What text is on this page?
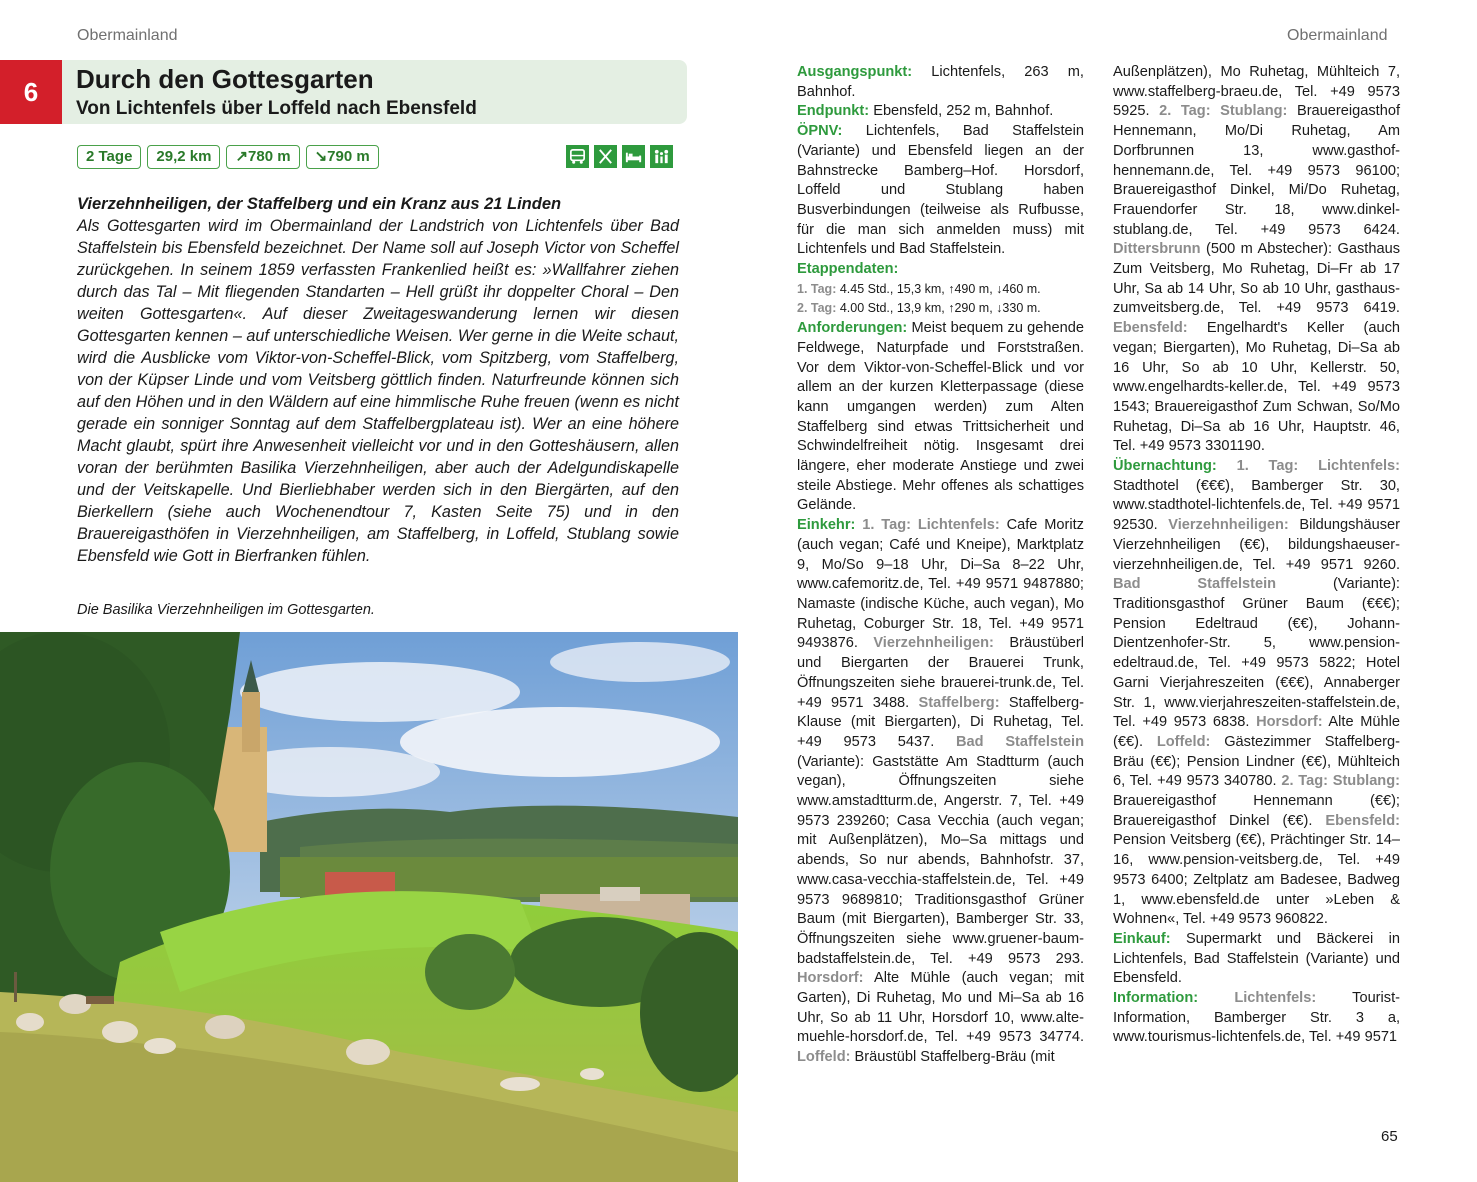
Obermainland	Obermainland
6	Durch den Gottesgarten
Von Lichtenfels über Loffeld nach Ebensfeld
2 Tage	29,2 km	↗780 m	↘790 m

Vierzehnheiligen, der Staffelberg und ein Kranz aus 21 Linden
Als Gottesgarten wird im Obermainland der Landstrich von Lichtenfels über Bad Staffelstein bis Ebensfeld bezeichnet. Der Name soll auf Joseph Victor von Scheffel zurückgehen. In seinem 1859 verfassten Frankenlied heißt es: »Wallfahrer ziehen durch das Tal – Mit fliegenden Standarten – Hell grüßt ihr doppelter Choral – Den weiten Gottesgarten«. Auf dieser Zweitageswanderung lernen wir diesen Gottesgarten kennen – auf unterschiedliche Weisen. Wer gerne in die Weite schaut, wird die Ausblicke vom Viktor-von-Scheffel-Blick, vom Spitzberg, vom Staffelberg, von der Küpser Linde und vom Veitsberg göttlich finden. Naturfreunde können sich auf den Höhen und in den Wäldern auf eine himmlische Ruhe freuen (wenn es nicht gerade ein sonniger Sonntag auf dem Staffelbergplateau ist). Wer an eine höhere Macht glaubt, spürt ihre Anwesenheit vielleicht vor und in den Gotteshäusern, allen voran der berühmten Basilika Vierzehnheiligen, aber auch der Adelgundiskapelle und der Veitskapelle. Und Bierliebhaber werden sich in den Biergärten, auf den Bierkellern (siehe auch Wochenendtour 7, Kasten Seite 75) und in den Brauereigasthöfen in Vierzehnheiligen, am Staffelberg, in Loffeld, Stublang sowie Ebensfeld wie Gott in Bierfranken fühlen.

Die Basilika Vierzehnheiligen im Gottesgarten.
Ausgangspunkt: Lichtenfels, 263 m, Bahnhof.
Endpunkt: Ebensfeld, 252 m, Bahnhof.
ÖPNV: Lichtenfels, Bad Staffelstein (Variante) und Ebensfeld liegen an der Bahnstrecke Bamberg–Hof. Horsdorf, Loffeld und Stublang haben Busverbindungen (teilweise als Rufbusse, für die man sich anmelden muss) mit Lichtenfels und Bad Staffelstein.
Etappendaten:
1. Tag: 4.45 Std., 15,3 km, ↑490 m, ↓460 m.
2. Tag: 4.00 Std., 13,9 km, ↑290 m, ↓330 m.
Anforderungen: Meist bequem zu gehende Feldwege, Naturpfade und Forststraßen. Vor dem Viktor-von-Scheffel-Blick und vor allem an der kurzen Kletterpassage (diese kann umgangen werden) zum Alten Staffelberg sind etwas Trittsicherheit und Schwindelfreiheit nötig. Insgesamt drei längere, eher moderate Anstiege und zwei steile Abstiege. Mehr offenes als schattiges Gelände.
Einkehr: 1. Tag: Lichtenfels: Cafe Moritz (auch vegan; Café und Kneipe), Marktplatz 9, Mo/So 9–18 Uhr, Di–Sa 8–22 Uhr, www.cafemoritz.de, Tel. +49 9571 9487880; Namaste (indische Küche, auch vegan), Mo Ruhetag, Coburger Str. 18, Tel. +49 9571 9493876. Vierzehnheiligen: Bräustüberl und Biergarten der Brauerei Trunk, Öffnungszeiten siehe brauerei-trunk.de, Tel. +49 9571 3488. Staffelberg: Staffelberg-Klause (mit Biergarten), Di Ruhetag, Tel. +49 9573 5437. Bad Staffelstein (Variante): Gaststätte Am Stadtturm (auch vegan), Öffnungszeiten siehe www.amstadtturm.de, Angerstr. 7, Tel. +49 9573 239260; Casa Vecchia (auch vegan; mit Außenplätzen), Mo–Sa mittags und abends, So nur abends, Bahnhofstr. 37, www.casa-vecchia-staffelstein.de, Tel. +49 9573 9689810; Traditionsgasthof Grüner Baum (mit Biergarten), Bamberger Str. 33, Öffnungszeiten siehe www.gruener-baum-badstaffelstein.de, Tel. +49 9573 293. Horsdorf: Alte Mühle (auch vegan; mit Garten), Di Ruhetag, Mo und Mi–Sa ab 16 Uhr, So ab 11 Uhr, Horsdorf 10, www.alte-muehle-horsdorf.de, Tel. +49 9573 34774. Loffeld: Bräustübl Staffelberg-Bräu (mit
Außenplätzen), Mo Ruhetag, Mühlteich 7, www.staffelberg-braeu.de, Tel. +49 9573 5925. 2. Tag: Stublang: Brauereigasthof Hennemann, Mo/Di Ruhetag, Am Dorfbrunnen 13, www.gasthof-hennemann.de, Tel. +49 9573 96100; Brauereigasthof Dinkel, Mi/Do Ruhetag, Frauendorfer Str. 18, www.dinkel-stublang.de, Tel. +49 9573 6424. Dittersbrunn (500 m Abstecher): Gasthaus Zum Veitsberg, Mo Ruhetag, Di–Fr ab 17 Uhr, Sa ab 14 Uhr, So ab 10 Uhr, gasthaus-zumveitsberg.de, Tel. +49 9573 6419. Ebensfeld: Engelhardt's Keller (auch vegan; Biergarten), Mo Ruhetag, Di–Sa ab 16 Uhr, So ab 10 Uhr, Kellerstr. 50, www.engelhardts-keller.de, Tel. +49 9573 1543; Brauereigasthof Zum Schwan, So/Mo Ruhetag, Di–Sa ab 16 Uhr, Hauptstr. 46, Tel. +49 9573 3301190.
Übernachtung: 1. Tag: Lichtenfels: Stadthotel (€€€), Bamberger Str. 30, www.stadthotel-lichtenfels.de, Tel. +49 9571 92530. Vierzehnheiligen: Bildungshäuser Vierzehnheiligen (€€), bildungshaeuser-vierzehnheiligen.de, Tel. +49 9571 9260. Bad Staffelstein (Variante): Traditionsgasthof Grüner Baum (€€€); Pension Edeltraud (€€), Johann-Dientzenhofer-Str. 5, www.pension-edeltraud.de, Tel. +49 9573 5822; Hotel Garni Vierjahreszeiten (€€€), Annaberger Str. 1, www.vierjahreszeiten-staffelstein.de, Tel. +49 9573 6838. Horsdorf: Alte Mühle (€€). Loffeld: Gästezimmer Staffelberg-Bräu (€€); Pension Lindner (€€), Mühlteich 6, Tel. +49 9573 340780. 2. Tag: Stublang: Brauereigasthof Hennemann (€€); Brauereigasthof Dinkel (€€). Ebensfeld: Pension Veitsberg (€€), Prächtinger Str. 14–16, www.pension-veitsberg.de, Tel. +49 9573 6400; Zeltplatz am Badesee, Badweg 1, www.ebensfeld.de unter »Leben & Wohnen«, Tel. +49 9573 960822.
Einkauf: Supermarkt und Bäckerei in Lichtenfels, Bad Staffelstein (Variante) und Ebensfeld.
Information: Lichtenfels: Tourist-Information, Bamberger Str. 3 a, www.tourismus-lichtenfels.de, Tel. +49 9571
65
